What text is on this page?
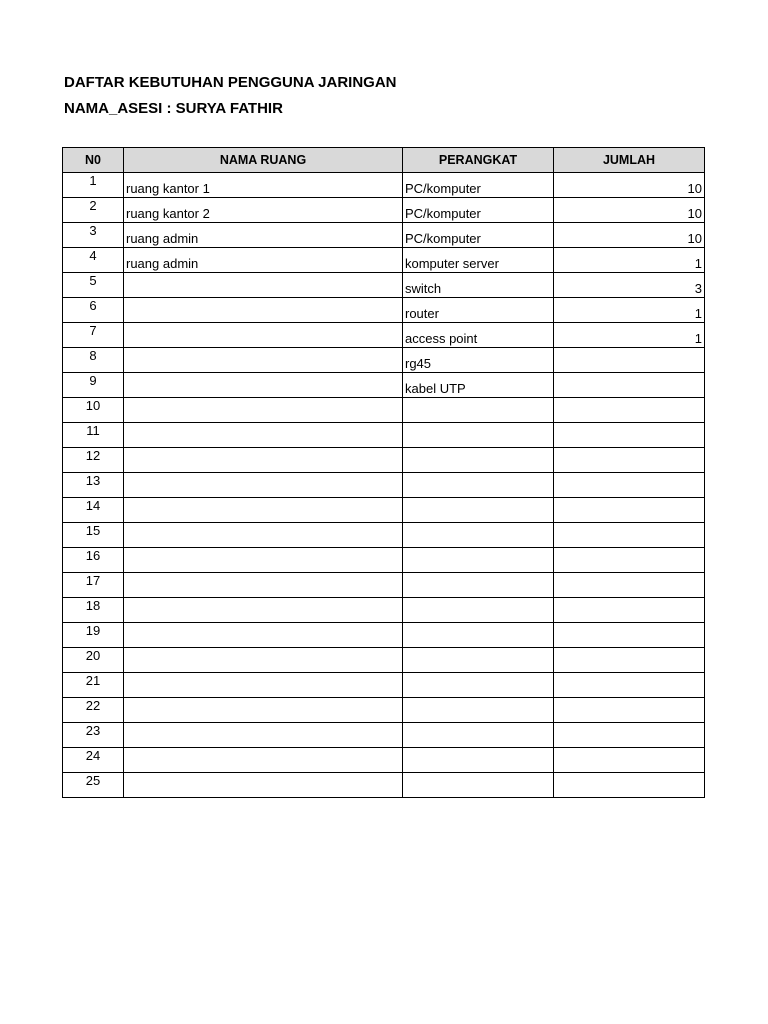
DAFTAR KEBUTUHAN PENGGUNA JARINGAN
NAMA_ASESI : SURYA FATHIR
N0	NAMA RUANG	PERANGKAT	JUMLAH
1	ruang kantor 1	PC/komputer	10
2	ruang kantor 2	PC/komputer	10
3	ruang admin	PC/komputer	10
4	ruang admin	komputer server	1
5		switch	3
6		router	1
7		access point	1
8		rg45	
9		kabel UTP	
10			
11			
12			
13			
14			
15			
16			
17			
18			
19			
20			
21			
22			
23			
24			
25			
